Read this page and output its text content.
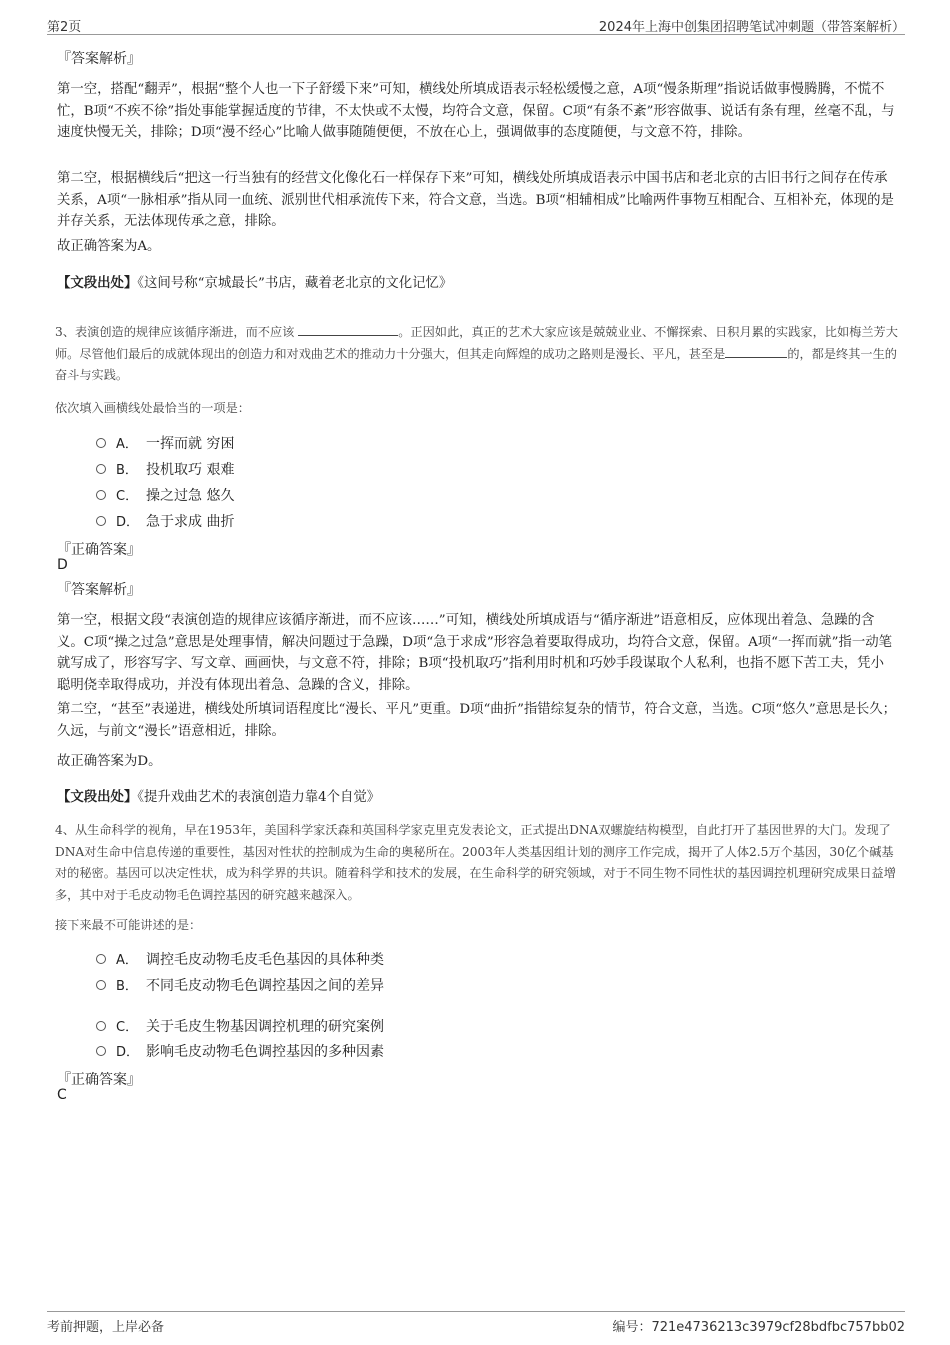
第2页	2024年上海中创集团招聘笔试冲刺题（带答案解析）
『答案解析』
第一空，搭配“翻弄”，根据“整个人也一下子舒缓下来”可知，横线处所填成语表示轻松缓慢之意，A项“慢条斯理”指说话做事慢腾腾，不慌不忙，B项“不疾不徐”指处事能掌握适度的节律，不太快或不太慢，均符合文意，保留。C项“有条不紊”形容做事、说话有条有理，丝毫不乱，与速度快慢无关，排除；D项“漫不经心”比喻人做事随随便便，不放在心上，强调做事的态度随便，与文意不符，排除。
第二空，根据横线后“把这一行当独有的经营文化像化石一样保存下来”可知，横线处所填成语表示中国书店和老北京的古旧书行之间存在传承关系，A项“一脉相承”指从同一血统、派别世代相承流传下来，符合文意，当选。B项“相辅相成”比喻两件事物互相配合、互相补充，体现的是并存关系，无法体现传承之意，排除。
故正确答案为A。
【文段出处】《这间号称“京城最长”书店，藏着老北京的文化记忆》
3、表演创造的规律应该循序渐进，而不应该	。正因如此，真正的艺术大家应该是兢兢业业、不懈探索、日积月累的实践家，比如梅兰芳大师。尽管他们最后的成就体现出的创造力和对戏曲艺术的推动力十分强大，但其走向辉煌的成功之路则是漫长、平凡，甚至是	的，都是终其一生的奋斗与实践。
依次填入画横线处最恰当的一项是：
A． 一挥而就 穷困
B． 投机取巧 艰难
C． 操之过急 悠久
D． 急于求成 曲折
『正确答案』
D
『答案解析』
第一空，根据文段“表演创造的规律应该循序渐进，而不应该……”可知，横线处所填成语与“循序渐进”语意相反，应体现出着急、急躁的含义。C项“操之过急”意思是处理事情，解决问题过于急躁，D项“急于求成”形容急着要取得成功，均符合文意，保留。A项“一挥而就”指一动笔就写成了，形容写字、写文章、画画快，与文意不符，排除；B项“投机取巧”指利用时机和巧妙手段谋取个人私利，也指不愿下苦工夫，凭小聪明侥幸取得成功，并没有体现出着急、急躁的含义，排除。
第二空，“甚至”表递进，横线处所填词语程度比“漫长、平凡”更重。D项“曲折”指错综复杂的情节，符合文意，当选。C项“悠久”意思是长久；久远，与前文“漫长”语意相近，排除。
故正确答案为D。
【文段出处】《提升戏曲艺术的表演创造力靠4个自觉》
4、从生命科学的视角，早在1953年，美国科学家沃森和英国科学家克里克发表论文，正式提出DNA双螺旋结构模型，自此打开了基因世界的大门。发现了DNA对生命中信息传递的重要性，基因对性状的控制成为生命的奥秘所在。2003年人类基因组计划的测序工作完成，揭开了人体2.5万个基因，30亿个碱基对的秘密。基因可以决定性状，成为科学界的共识。随着科学和技术的发展，在生命科学的研究领域，对于不同生物不同性状的基因调控机理研究成果日益增多，其中对于毛皮动物毛色调控基因的研究越来越深入。
接下来最不可能讲述的是：
A． 调控毛皮动物毛皮毛色基因的具体种类
B． 不同毛皮动物毛色调控基因之间的差异
C． 关于毛皮生物基因调控机理的研究案例
D． 影响毛皮动物毛色调控基因的多种因素
『正确答案』
C
考前押题，上岸必备	编号：721e4736213c3979cf28bdfbc757bb02
